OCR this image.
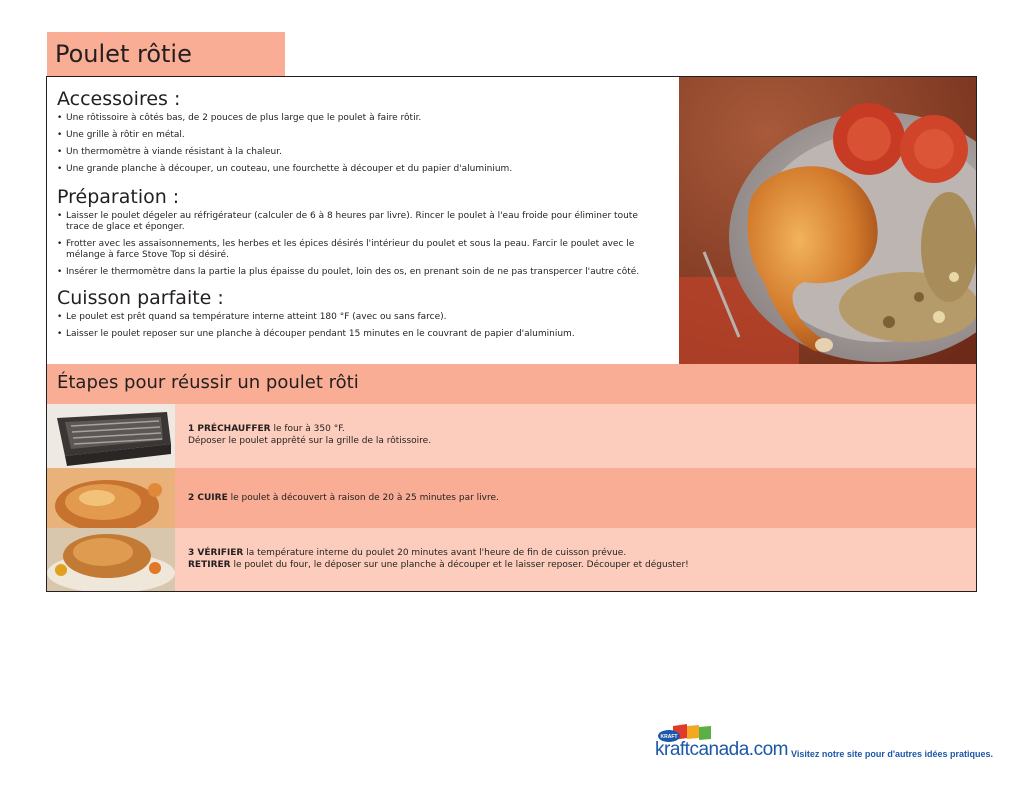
Poulet rôtie
Accessoires :
• Une rôtissoire à côtés bas, de 2 pouces de plus large que le poulet à faire rôtir.
• Une grille à rôtir en métal.
• Un thermomètre à viande résistant à la chaleur.
• Une grande planche à découper, un couteau, une fourchette à découper et du papier d'aluminium.
Préparation :
• Laisser le poulet dégeler au réfrigérateur (calculer de 6 à 8 heures par livre). Rincer le poulet à l'eau froide pour éliminer toute trace de glace et éponger.
• Frotter avec les assaisonnements, les herbes et les épices désirés l'intérieur du poulet et sous la peau. Farcir le poulet avec le mélange à farce Stove Top si désiré.
• Insérer le thermomètre dans la partie la plus épaisse du poulet, loin des os, en prenant soin de ne pas transpercer l'autre côté.
Cuisson parfaite :
• Le poulet est prêt quand sa température interne atteint 180 °F (avec ou sans farce).
• Laisser le poulet reposer sur une planche à découper pendant 15 minutes en le couvrant de papier d'aluminium.
Étapes pour réussir un poulet rôti
1 PRÉCHAUFFER le four à 350 °F.
Déposer le poulet apprêté sur la grille de la rôtissoire.
2 CUIRE le poulet à découvert à raison de 20 à 25 minutes par livre.
3 VÉRIFIER la température interne du poulet 20 minutes avant l'heure de fin de cuisson prévue.
RETIRER le poulet du four, le déposer sur une planche à découper et le laisser reposer. Découper et déguster!
KRAFT
kraftcanada.com Visitez notre site pour d'autres idées pratiques.
